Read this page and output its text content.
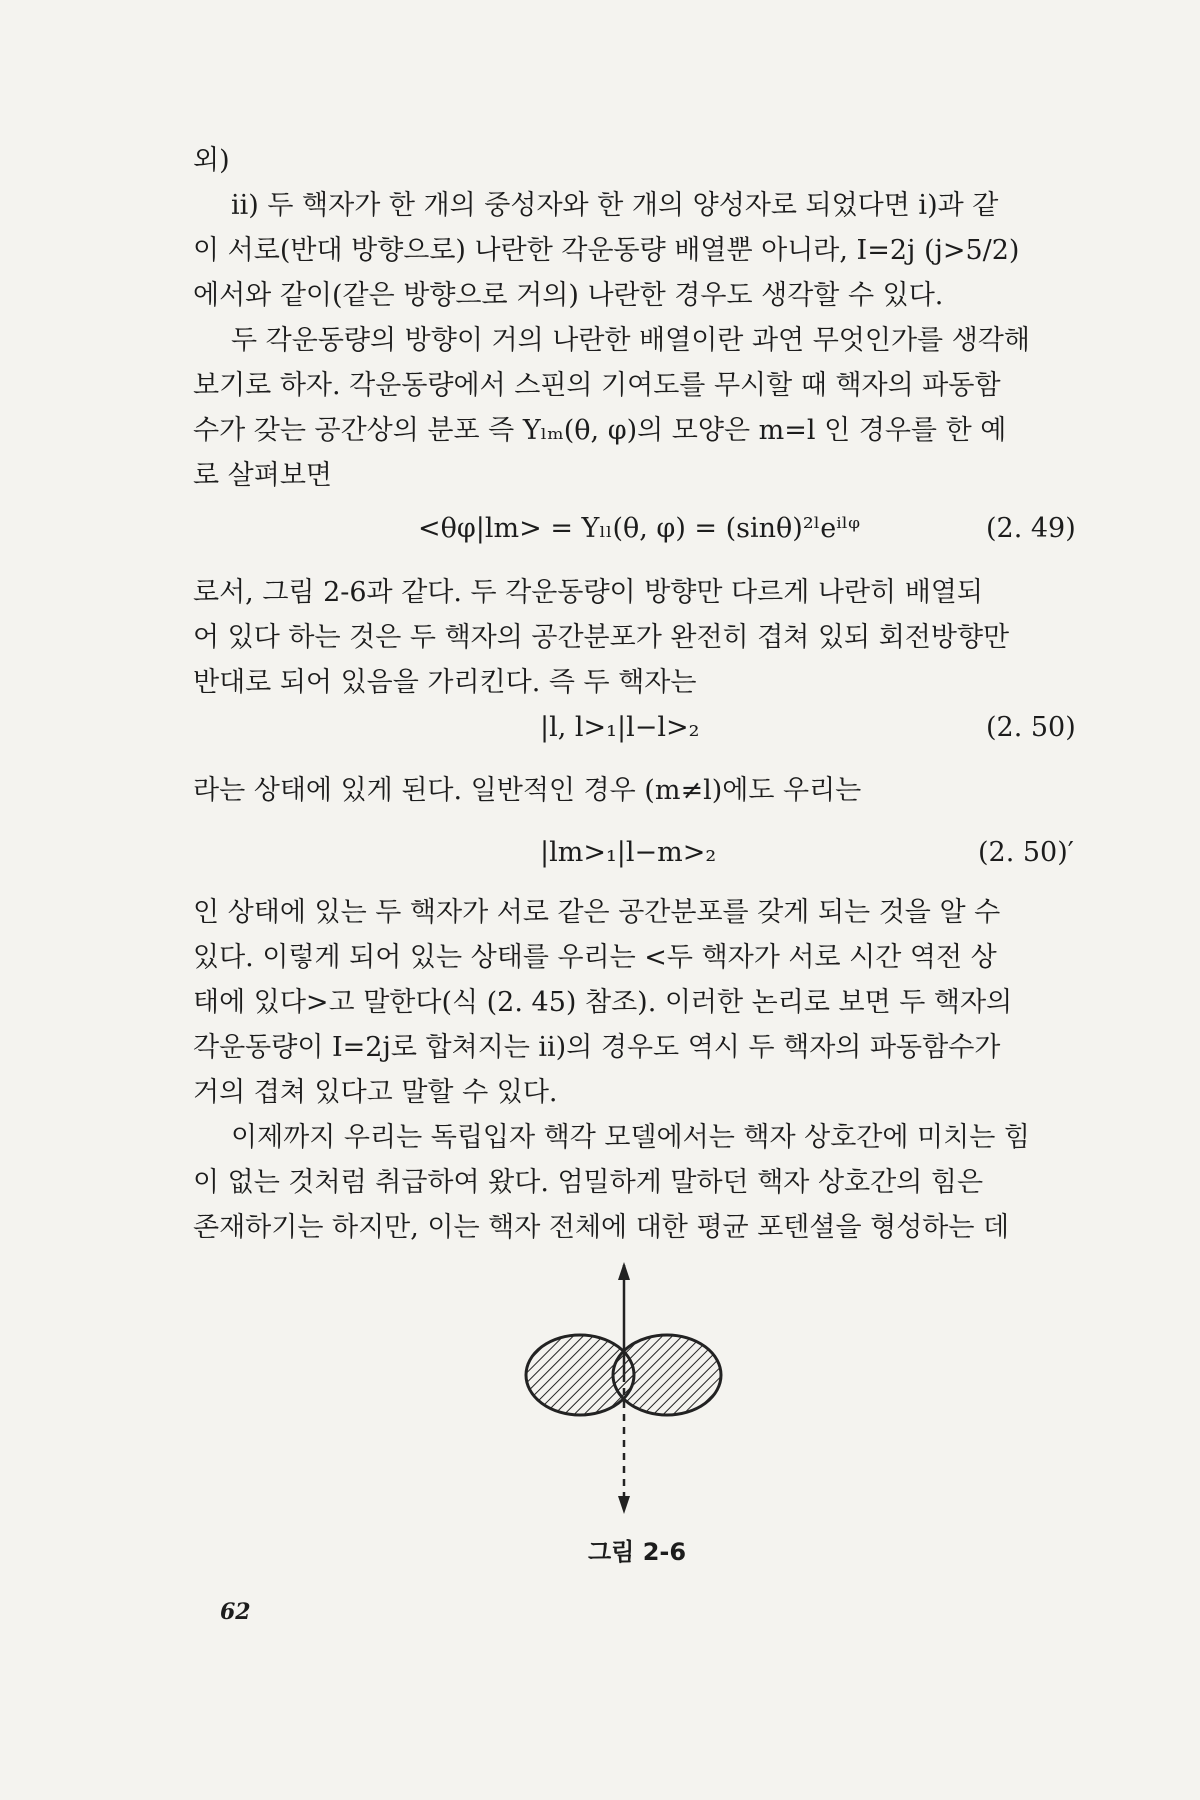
외)

ii) 두 핵자가 한 개의 중성자와 한 개의 양성자로 되었다면 i)과 같

이 서로(반대 방향으로) 나란한 각운동량 배열뿐 아니라, I=2j (j>5/2)

에서와 같이(같은 방향으로 거의) 나란한 경우도 생각할 수 있다.

두 각운동량의 방향이 거의 나란한 배열이란 과연 무엇인가를 생각해

보기로 하자. 각운동량에서 스핀의 기여도를 무시할 때 핵자의 파동함

수가 갖는 공간상의 분포 즉 Yₗₘ(θ, φ)의 모양은 m=l 인 경우를 한 예

로 살펴보면

<θφ|lm> = Yₗₗ(θ, φ) = (sinθ)²ˡeⁱˡᵠ	(2. 49)

로서, 그림 2-6과 같다. 두 각운동량이 방향만 다르게 나란히 배열되

어 있다 하는 것은 두 핵자의 공간분포가 완전히 겹쳐 있되 회전방향만

반대로 되어 있음을 가리킨다. 즉 두 핵자는

|l, l>₁|l−l>₂	(2. 50)

라는 상태에 있게 된다. 일반적인 경우 (m≠l)에도 우리는

|lm>₁|l−m>₂	(2. 50)′

인 상태에 있는 두 핵자가 서로 같은 공간분포를 갖게 되는 것을 알 수

있다. 이렇게 되어 있는 상태를 우리는 <두 핵자가 서로 시간 역전 상

태에 있다>고 말한다(식 (2. 45) 참조). 이러한 논리로 보면 두 핵자의

각운동량이 I=2j로 합쳐지는 ii)의 경우도 역시 두 핵자의 파동함수가

거의 겹쳐 있다고 말할 수 있다.

이제까지 우리는 독립입자 핵각 모델에서는 핵자 상호간에 미치는 힘

이 없는 것처럼 취급하여 왔다. 엄밀하게 말하던 핵자 상호간의 힘은

존재하기는 하지만, 이는 핵자 전체에 대한 평균 포텐셜을 형성하는 데

그림 2-6
62
